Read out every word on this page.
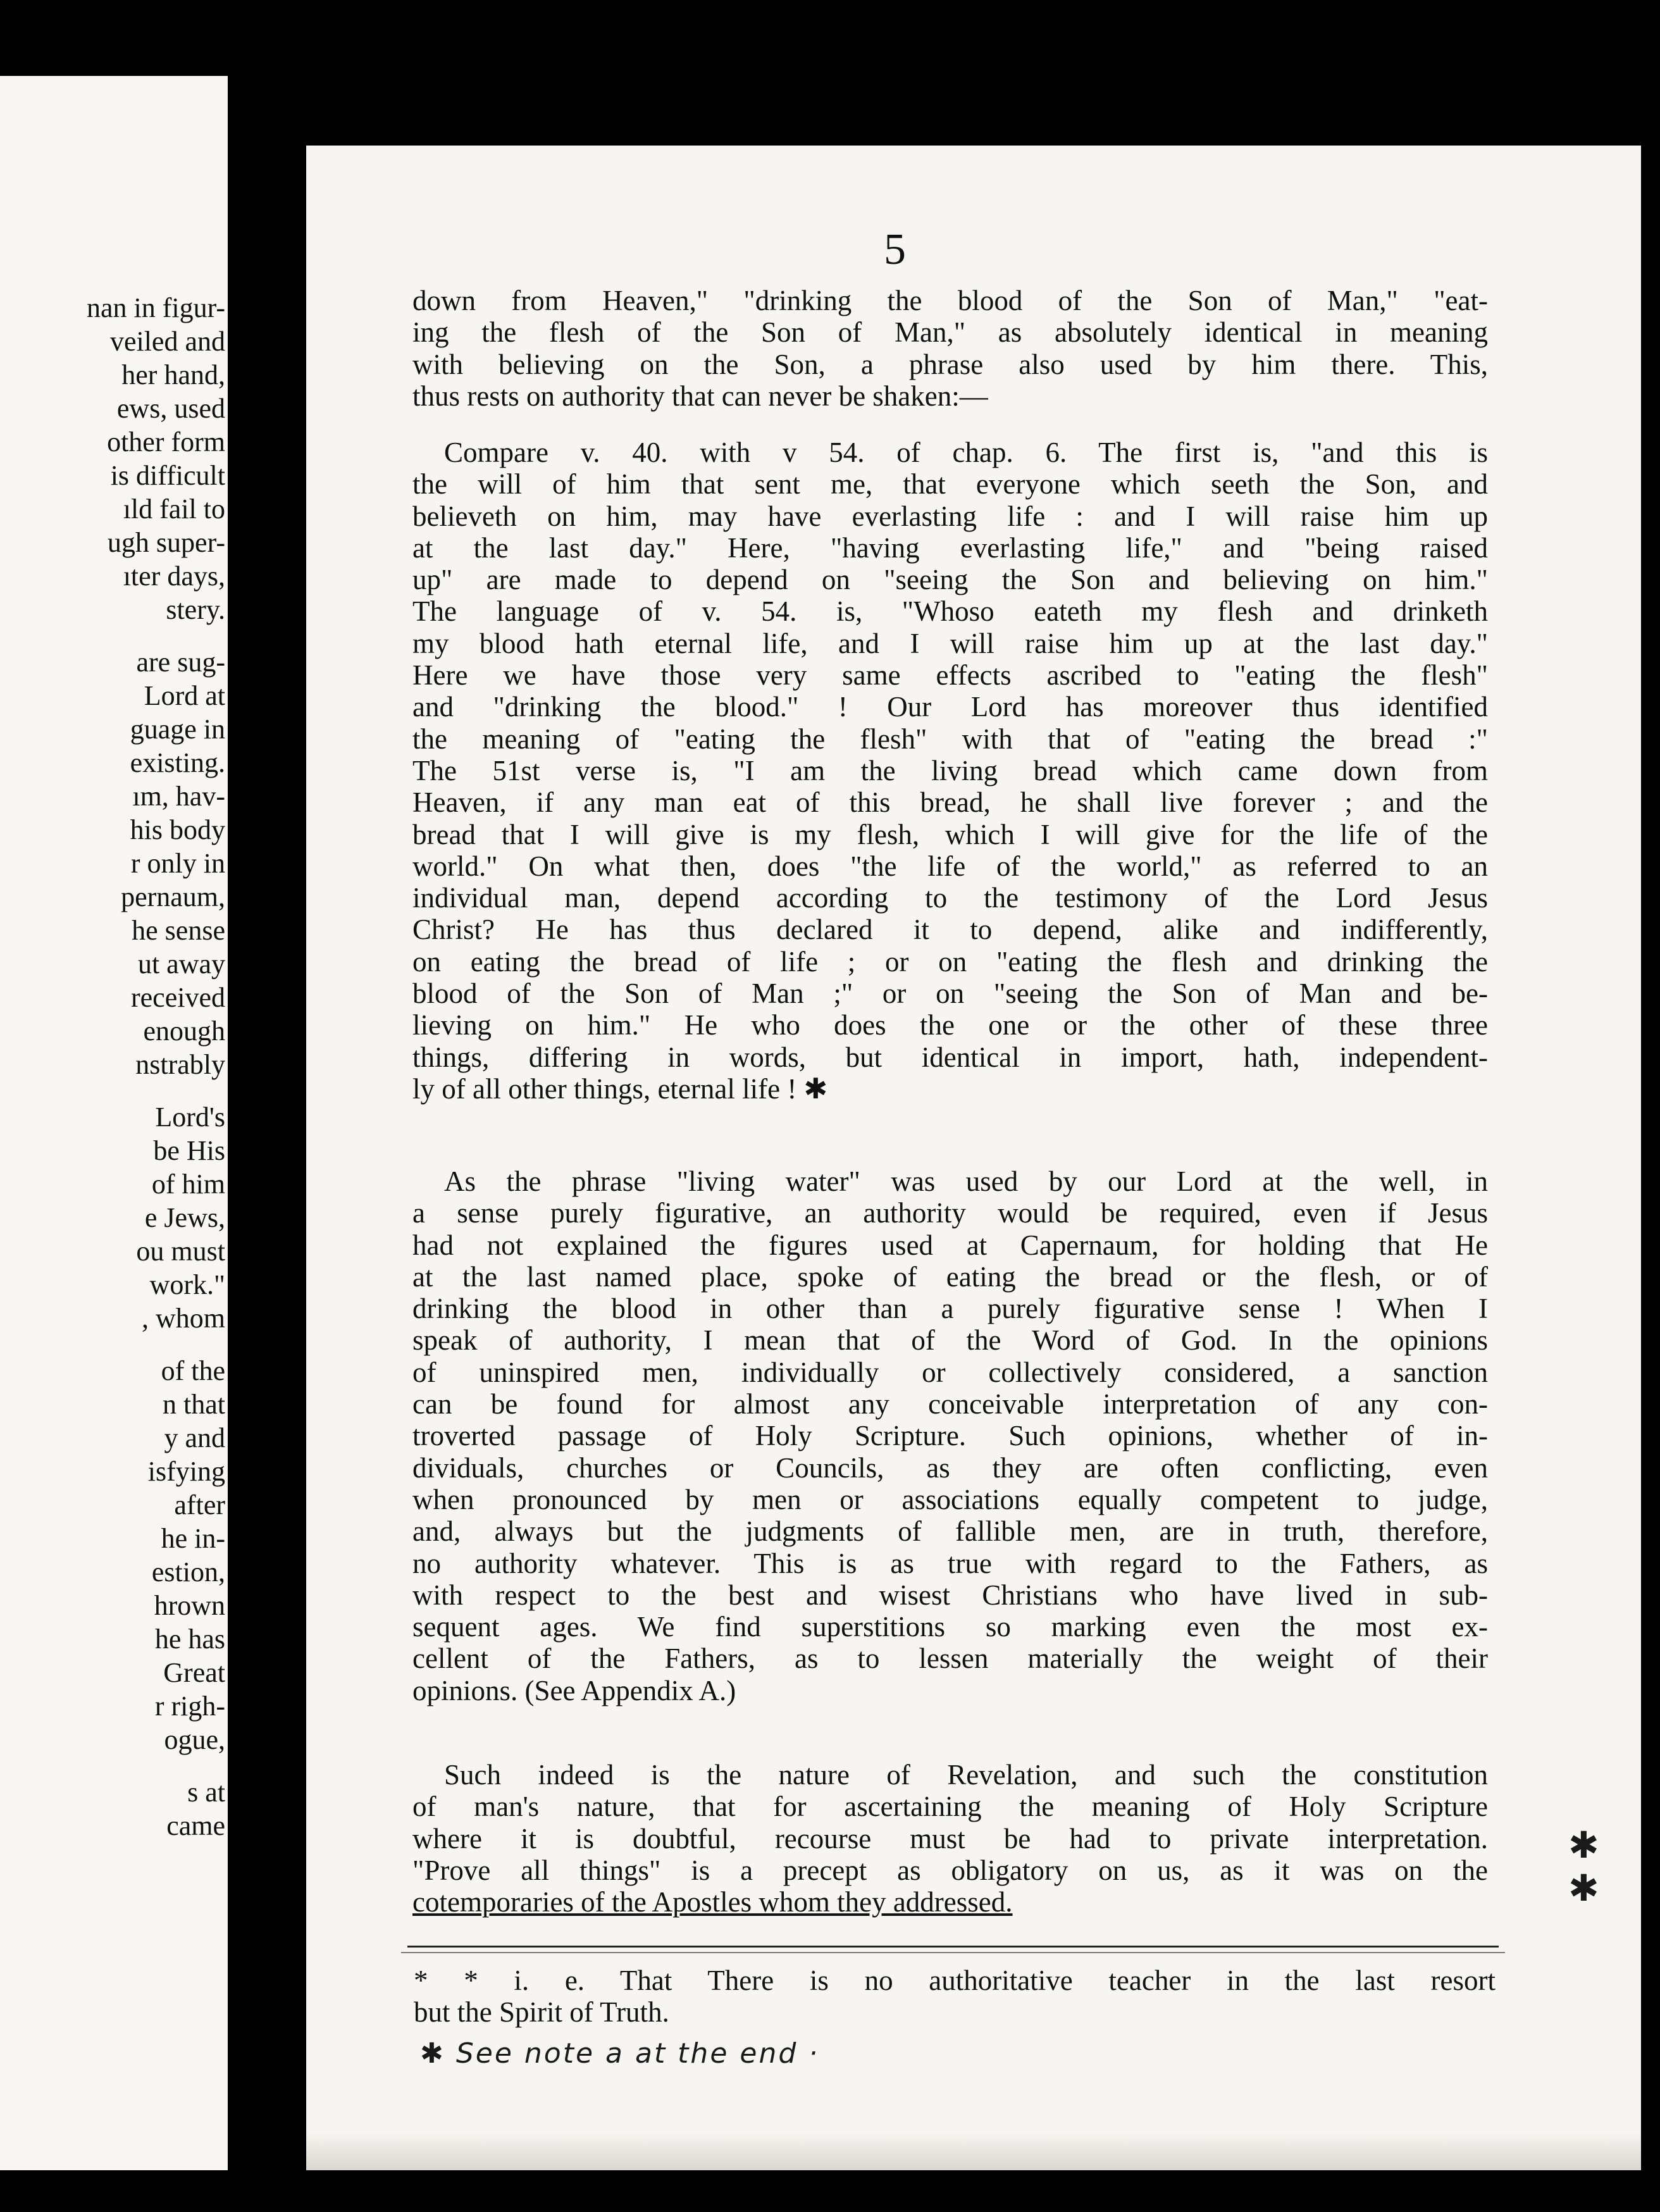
nan in figur-
veiled and
her hand,
ews, used
other form
is difficult
ıld fail to
ugh super-
ıter days,
stery.
are sug-
Lord at
guage in
existing.
ım, hav-
his body
r only in
pernaum,
he sense
ut away
received
enough
nstrably
Lord's
be His
of him
e Jews,
ou must
work."
, whom
of the
n that
y and
isfying
after
he in-
estion,
hrown
he has
Great
r righ-
ogue,
s at
came
5
down from Heaven," "drinking the blood of the Son of Man," "eat-
ing the flesh of the Son of Man," as absolutely identical in meaning
with believing on the Son, a phrase also used by him there. This,
thus rests on authority that can never be shaken:—
Compare v. 40. with v 54. of chap. 6. The first is, "and this is
the will of him that sent me, that everyone which seeth the Son, and
believeth on him, may have everlasting life : and I will raise him up
at the last day." Here, "having everlasting life," and "being raised
up" are made to depend on "seeing the Son and believing on him."
The language of v. 54. is, "Whoso eateth my flesh and drinketh
my blood hath eternal life, and I will raise him up at the last day."
Here we have those very same effects ascribed to "eating the flesh"
and "drinking the blood." ! Our Lord has moreover thus identified
the meaning of "eating the flesh" with that of "eating the bread :"
The 51st verse is, "I am the living bread which came down from
Heaven, if any man eat of this bread, he shall live forever ; and the
bread that I will give is my flesh, which I will give for the life of the
world." On what then, does "the life of the world," as referred to an
individual man, depend according to the testimony of the Lord Jesus
Christ? He has thus declared it to depend, alike and indifferently,
on eating the bread of life ; or on "eating the flesh and drinking the
blood of the Son of Man ;" or on "seeing the Son of Man and be-
lieving on him." He who does the one or the other of these three
things, differing in words, but identical in import, hath, independent-
ly of all other things, eternal life ! ✱
As the phrase "living water" was used by our Lord at the well, in
a sense purely figurative, an authority would be required, even if Jesus
had not explained the figures used at Capernaum, for holding that He
at the last named place, spoke of eating the bread or the flesh, or of
drinking the blood in other than a purely figurative sense ! When I
speak of authority, I mean that of the Word of God. In the opinions
of uninspired men, individually or collectively considered, a sanction
can be found for almost any conceivable interpretation of any con-
troverted passage of Holy Scripture. Such opinions, whether of in-
dividuals, churches or Councils, as they are often conflicting, even
when pronounced by men or associations equally competent to judge,
and, always but the judgments of fallible men, are in truth, therefore,
no authority whatever. This is as true with regard to the Fathers, as
with respect to the best and wisest Christians who have lived in sub-
sequent ages. We find superstitions so marking even the most ex-
cellent of the Fathers, as to lessen materially the weight of their
opinions. (See Appendix A.)
Such indeed is the nature of Revelation, and such the constitution
of man's nature, that for ascertaining the meaning of Holy Scripture
where it is doubtful, recourse must be had to private interpretation.
"Prove all things" is a precept as obligatory on us, as it was on the
cotemporaries of the Apostles whom they addressed.
* * i. e. That There is no authoritative teacher in the last resort
but the Spirit of Truth.
✱ See note a at the end ·
✱ ✱
